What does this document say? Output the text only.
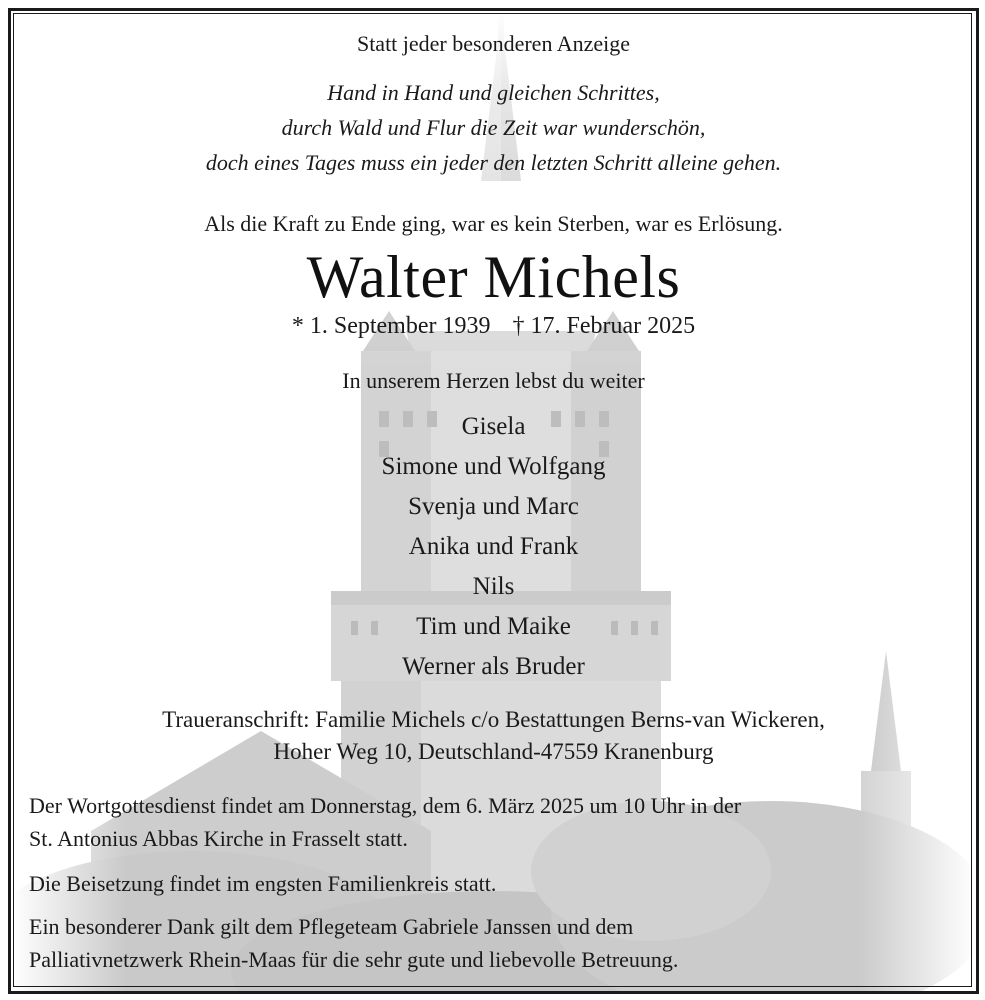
Statt jeder besonderen Anzeige
Hand in Hand und gleichen Schrittes,
durch Wald und Flur die Zeit war wunderschön,
doch eines Tages muss ein jeder den letzten Schritt alleine gehen.
Als die Kraft zu Ende ging, war es kein Sterben, war es Erlösung.
Walter Michels
* 1. September 1939 † 17. Februar 2025
In unserem Herzen lebst du weiter
Gisela
Simone und Wolfgang
Svenja und Marc
Anika und Frank
Nils
Tim und Maike
Werner als Bruder
Traueranschrift: Familie Michels c/o Bestattungen Berns-van Wickeren,
Hoher Weg 10, Deutschland-47559 Kranenburg
Der Wortgottesdienst findet am Donnerstag, dem 6. März 2025 um 10 Uhr in der
St. Antonius Abbas Kirche in Frasselt statt.
Die Beisetzung findet im engsten Familienkreis statt.
Ein besonderer Dank gilt dem Pflegeteam Gabriele Janssen und dem
Palliativnetzwerk Rhein-Maas für die sehr gute und liebevolle Betreuung.
